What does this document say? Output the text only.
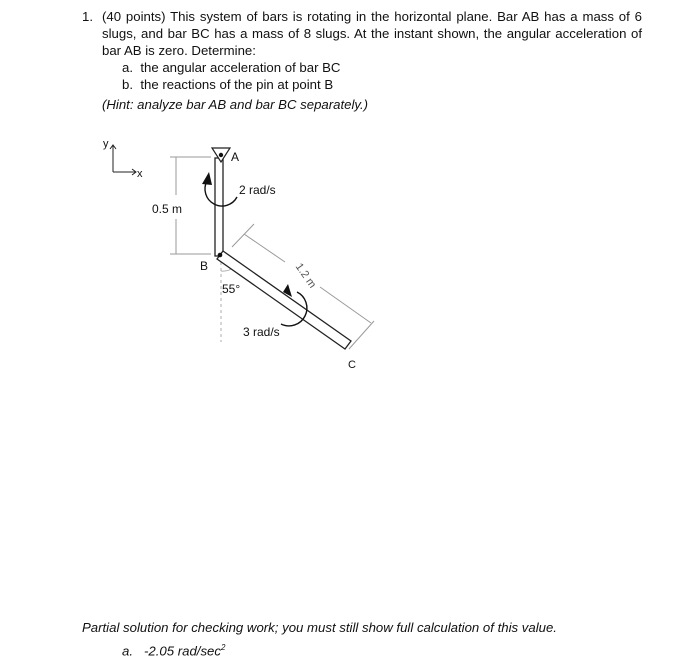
1. (40 points) This system of bars is rotating in the horizontal plane. Bar AB has a mass of 6 slugs, and bar BC has a mass of 8 slugs. At the instant shown, the angular acceleration of bar AB is zero. Determine:
a. the angular acceleration of bar BC
b. the reactions of the pin at point B
(Hint: analyze bar AB and bar BC separately.)
y
x
0.5 m
A
2 rad/s
55°	1.2 m
B
3 rad/s
C
Partial solution for checking work; you must still show full calculation of this value.
a. -2.05 rad/$\sec^2$
